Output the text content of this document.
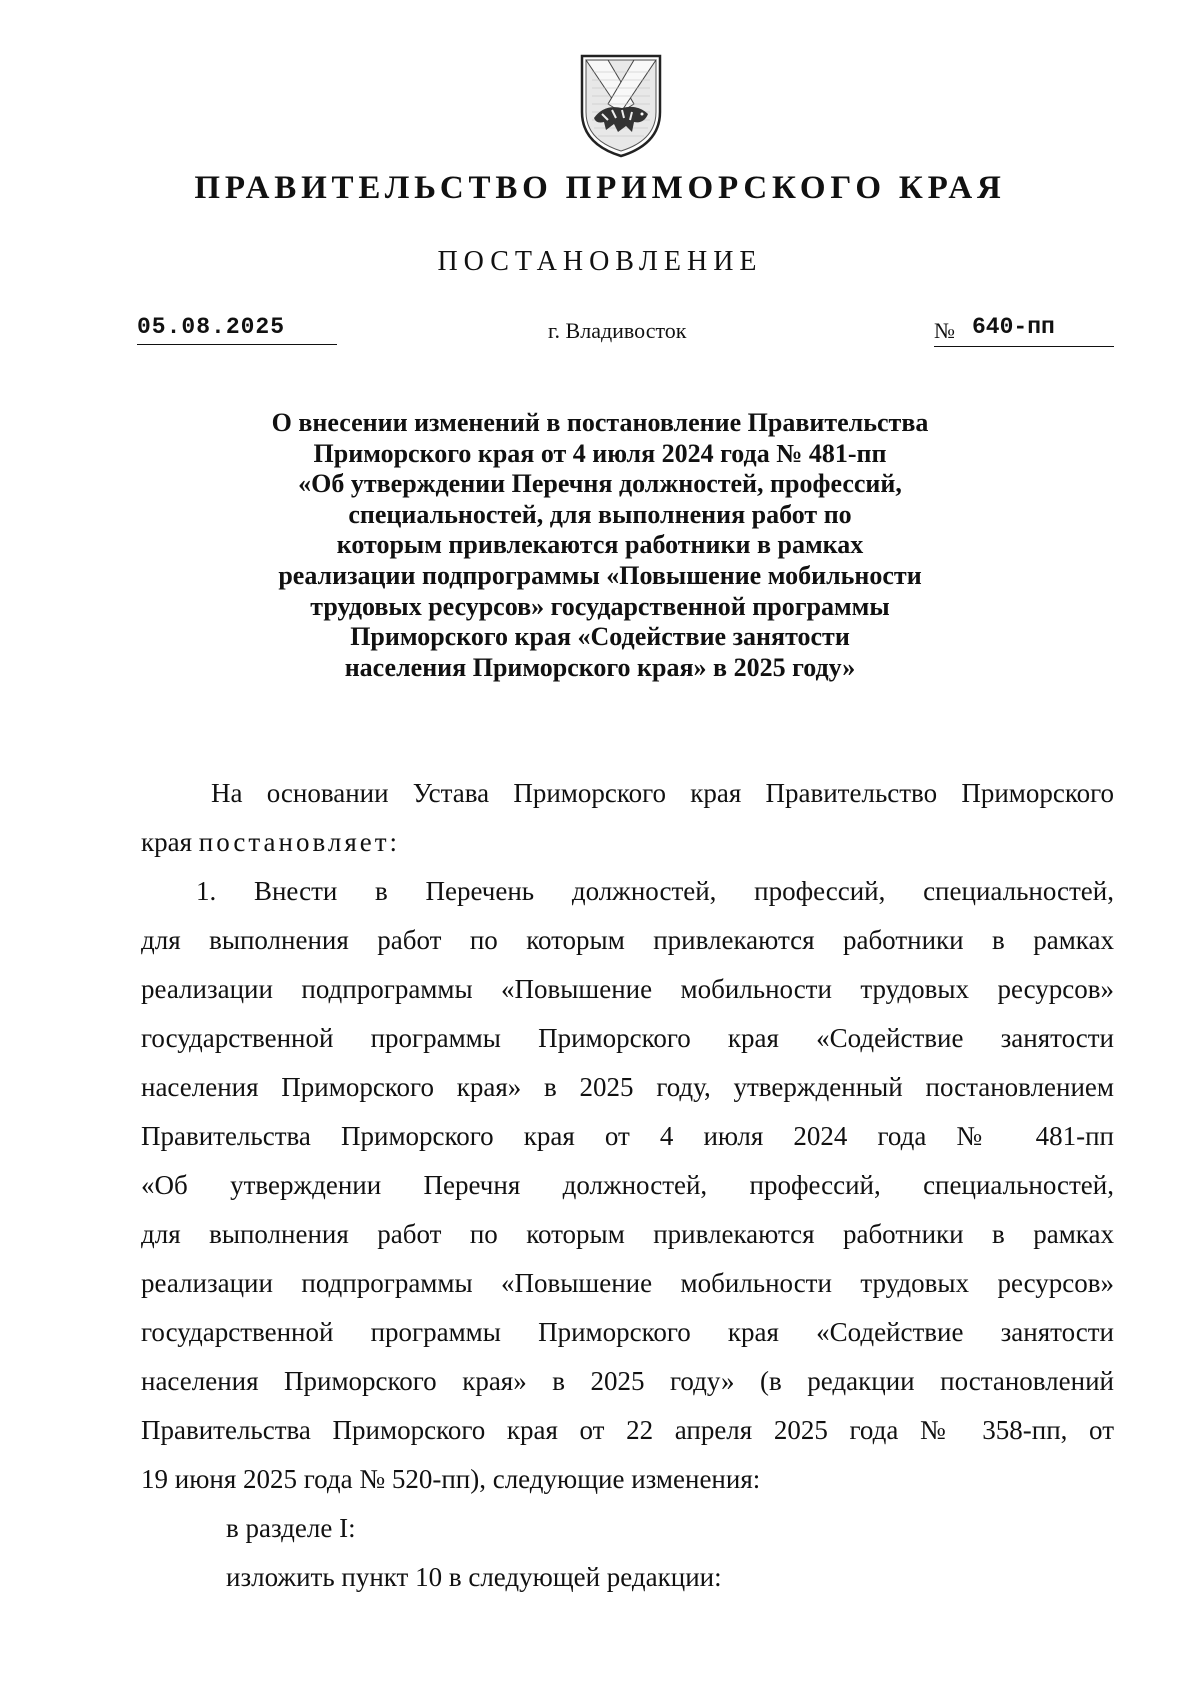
ПРАВИТЕЛЬСТВО ПРИМОРСКОГО КРАЯ
ПОСТАНОВЛЕНИЕ
05.08.2025	г. Владивосток	№ 640-пп
О внесении изменений в постановление Правительства
Приморского края от 4 июля 2024 года № 481-пп
«Об утверждении Перечня должностей, профессий,
специальностей, для выполнения работ по
которым привлекаются работники в рамках
реализации подпрограммы «Повышение мобильности
трудовых ресурсов» государственной программы
Приморского края «Содействие занятости
населения Приморского края» в 2025 году»
На основании Устава Приморского края Правительство Приморского
края постановляет:
1. Внести в Перечень должностей, профессий, специальностей,
для выполнения работ по которым привлекаются работники в рамках
реализации подпрограммы «Повышение мобильности трудовых ресурсов»
государственной программы Приморского края «Содействие занятости
населения Приморского края» в 2025 году, утвержденный постановлением
Правительства Приморского края от 4 июля 2024 года № 481-пп
«Об утверждении Перечня должностей, профессий, специальностей,
для выполнения работ по которым привлекаются работники в рамках
реализации подпрограммы «Повышение мобильности трудовых ресурсов»
государственной программы Приморского края «Содействие занятости
населения Приморского края» в 2025 году» (в редакции постановлений
Правительства Приморского края от 22 апреля 2025 года № 358-пп, от
19 июня 2025 года № 520-пп), следующие изменения:
в разделе I:
изложить пункт 10 в следующей редакции:
